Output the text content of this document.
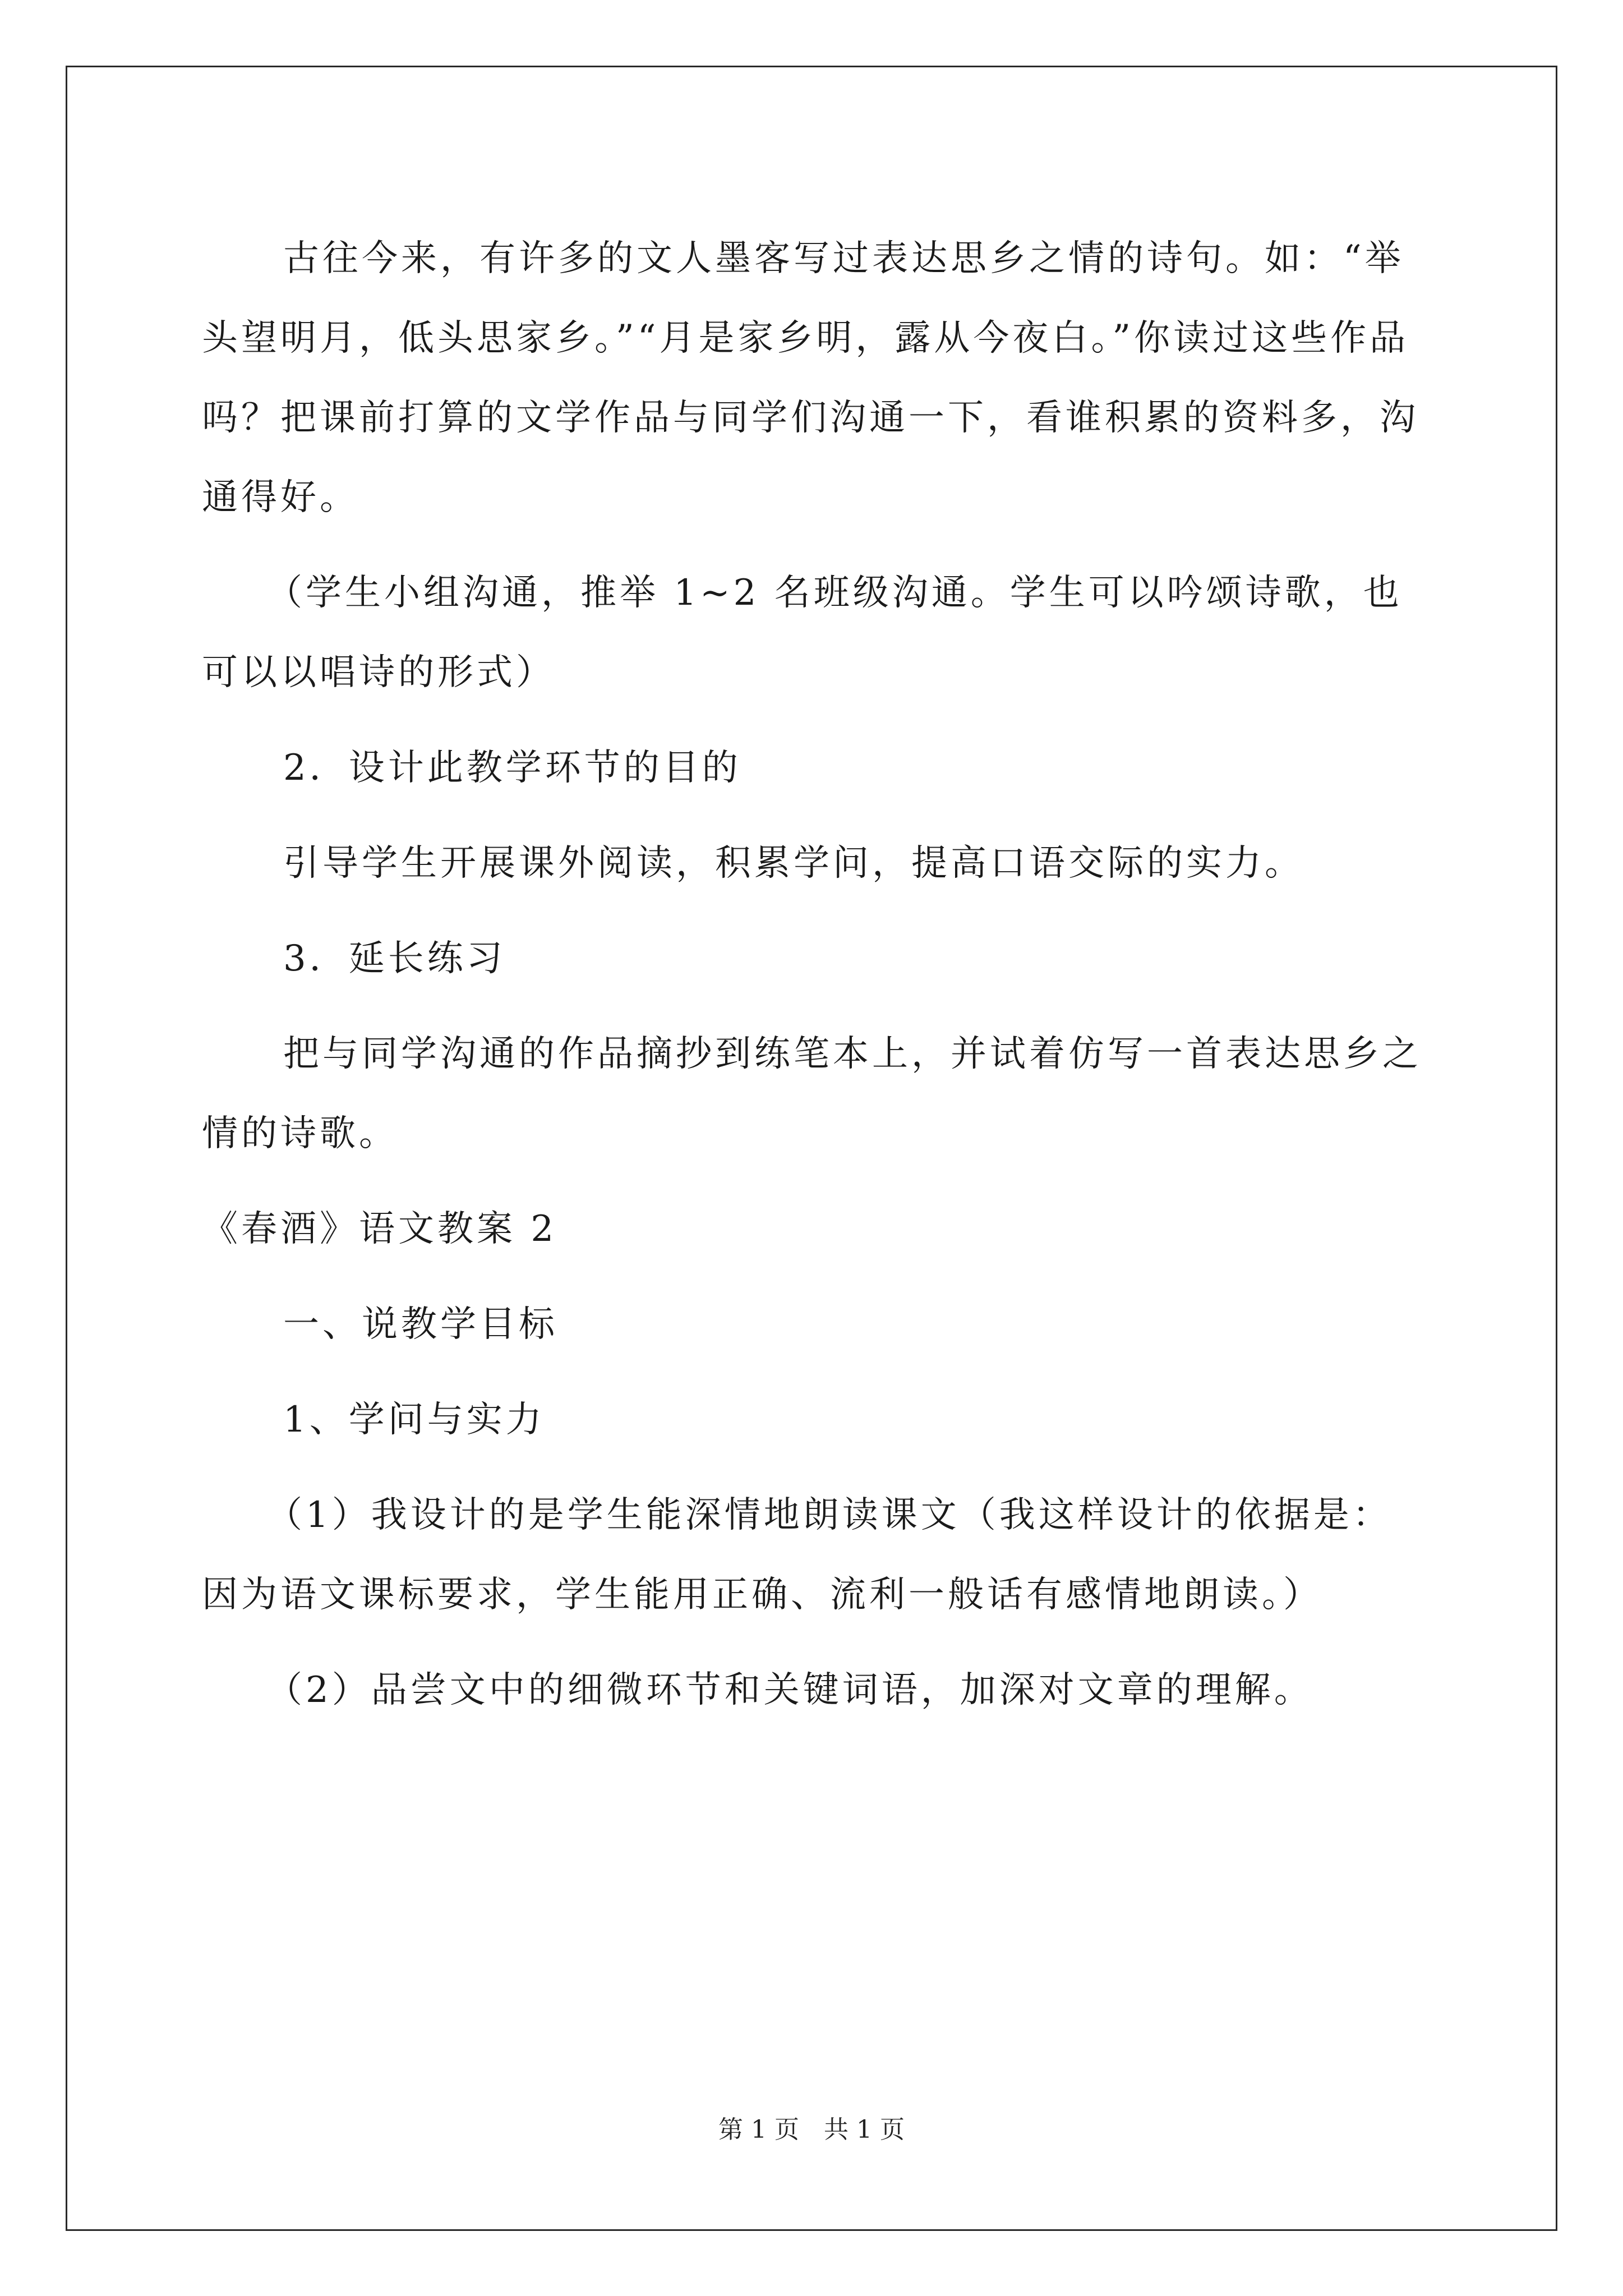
古往今来，有许多的文人墨客写过表达思乡之情的诗句。如：“举头望明月，低头思家乡。”“月是家乡明，露从今夜白。”你读过这些作品吗？把课前打算的文学作品与同学们沟通一下，看谁积累的资料多，沟通得好。

（学生小组沟通，推举 1~2 名班级沟通。学生可以吟颂诗歌，也可以以唱诗的形式）

2．设计此教学环节的目的

引导学生开展课外阅读，积累学问，提高口语交际的实力。

3．延长练习

把与同学沟通的作品摘抄到练笔本上，并试着仿写一首表达思乡之情的诗歌。

《春酒》语文教案 2

一、说教学目标

1、学问与实力

（1）我设计的是学生能深情地朗读课文（我这样设计的依据是：因为语文课标要求，学生能用正确、流利一般话有感情地朗读。）

（2）品尝文中的细微环节和关键词语，加深对文章的理解。

第 1 页　共 1 页
